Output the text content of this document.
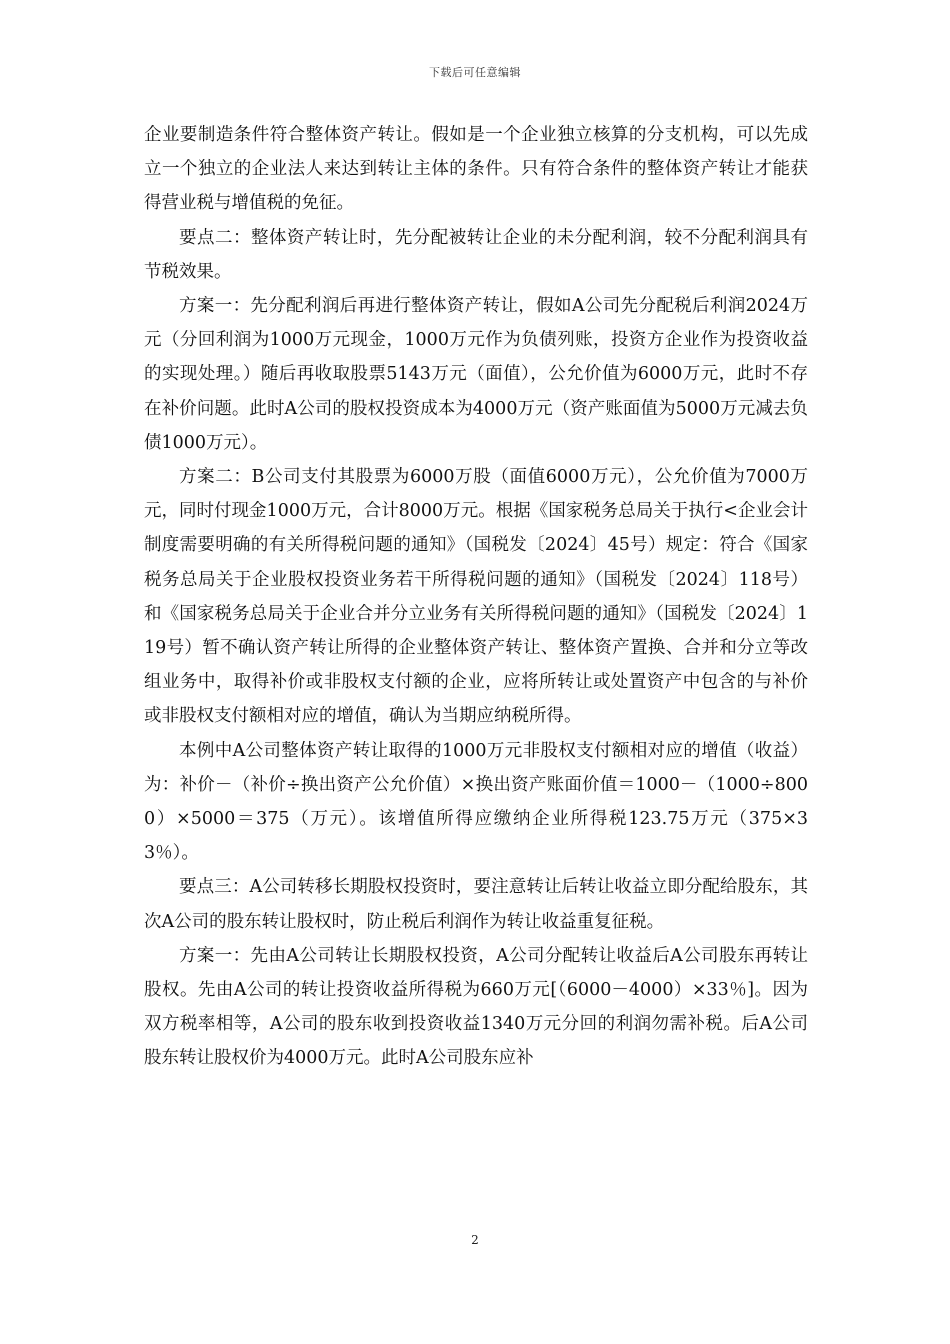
下载后可任意编辑

企业要制造条件符合整体资产转让。假如是一个企业独立核算的分支机构，可以先成立一个独立的企业法人来达到转让主体的条件。只有符合条件的整体资产转让才能获得营业税与增值税的免征。

要点二：整体资产转让时，先分配被转让企业的未分配利润，较不分配利润具有节税效果。

方案一：先分配利润后再进行整体资产转让，假如A公司先分配税后利润2024万元（分回利润为1000万元现金，1000万元作为负债列账，投资方企业作为投资收益的实现处理。）随后再收取股票5143万元（面值），公允价值为6000万元，此时不存在补价问题。此时A公司的股权投资成本为4000万元（资产账面值为5000万元减去负债1000万元）。

方案二：B公司支付其股票为6000万股（面值6000万元），公允价值为7000万元，同时付现金1000万元，合计8000万元。根据《国家税务总局关于执行<企业会计制度需要明确的有关所得税问题的通知》（国税发〔2024〕45号）规定：符合《国家税务总局关于企业股权投资业务若干所得税问题的通知》（国税发〔2024〕118号）和《国家税务总局关于企业合并分立业务有关所得税问题的通知》（国税发〔2024〕119号）暂不确认资产转让所得的企业整体资产转让、整体资产置换、合并和分立等改组业务中，取得补价或非股权支付额的企业，应将所转让或处置资产中包含的与补价或非股权支付额相对应的增值，确认为当期应纳税所得。

本例中A公司整体资产转让取得的1000万元非股权支付额相对应的增值（收益）为：补价－（补价÷换出资产公允价值）×换出资产账面价值＝1000－（1000÷8000）×5000＝375（万元）。该增值所得应缴纳企业所得税123.75万元（375×33％）。

要点三：A公司转移长期股权投资时，要注意转让后转让收益立即分配给股东，其次A公司的股东转让股权时，防止税后利润作为转让收益重复征税。

方案一：先由A公司转让长期股权投资，A公司分配转让收益后A公司股东再转让股权。先由A公司的转让投资收益所得税为660万元[（6000－4000）×33％]。因为双方税率相等，A公司的股东收到投资收益1340万元分回的利润勿需补税。后A公司股东转让股权价为4000万元。此时A公司股东应补

2
